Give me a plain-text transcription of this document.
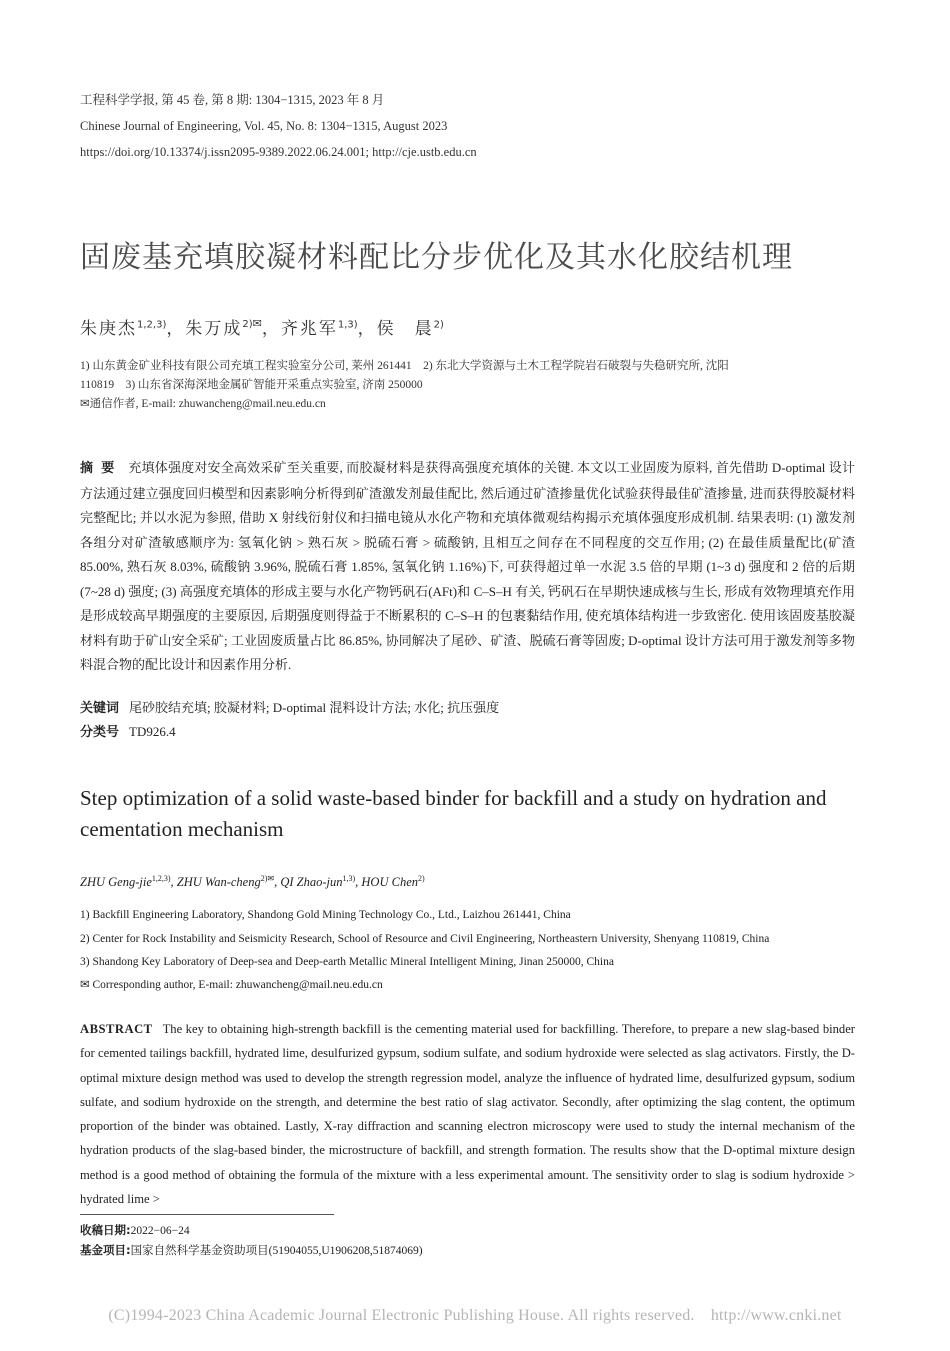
工程科学学报, 第 45 卷, 第 8 期: 1304−1315, 2023 年 8 月
Chinese Journal of Engineering, Vol. 45, No. 8: 1304−1315, August 2023
https://doi.org/10.13374/j.issn2095-9389.2022.06.24.001; http://cje.ustb.edu.cn
固废基充填胶凝材料配比分步优化及其水化胶结机理
朱庚杰$^{1,2,3)}$，朱万成$^{2)✉}$，齐兆军$^{1,3)}$，侯　晨$^{2)}$
1) 山东黄金矿业科技有限公司充填工程实验室分公司, 莱州 261441　2) 东北大学资源与土木工程学院岩石破裂与失稳研究所, 沈阳
110819　3) 山东省深海深地金属矿智能开采重点实验室, 济南 250000
✉通信作者, E-mail: zhuwancheng@mail.neu.edu.cn
摘要 充填体强度对安全高效采矿至关重要, 而胶凝材料是获得高强度充填体的关键. 本文以工业固废为原料, 首先借助 D-optimal 设计方法通过建立强度回归模型和因素影响分析得到矿渣激发剂最佳配比, 然后通过矿渣掺量优化试验获得最佳矿渣掺量, 进而获得胶凝材料完整配比; 并以水泥为参照, 借助 X 射线衍射仪和扫描电镜从水化产物和充填体微观结构揭示充填体强度形成机制. 结果表明: (1) 激发剂各组分对矿渣敏感顺序为: 氢氧化钠 > 熟石灰 > 脱硫石膏 > 硫酸钠, 且相互之间存在不同程度的交互作用; (2) 在最佳质量配比(矿渣 85.00%, 熟石灰 8.03%, 硫酸钠 3.96%, 脱硫石膏 1.85%, 氢氧化钠 1.16%)下, 可获得超过单一水泥 3.5 倍的早期 (1~3 d) 强度和 2 倍的后期 (7~28 d) 强度; (3) 高强度充填体的形成主要与水化产物钙矾石(AFt)和 C–S–H 有关, 钙矾石在早期快速成核与生长, 形成有效物理填充作用是形成较高早期强度的主要原因, 后期强度则得益于不断累积的 C–S–H 的包裹黏结作用, 使充填体结构进一步致密化. 使用该固废基胶凝材料有助于矿山安全采矿; 工业固废质量占比 86.85%, 协同解决了尾砂、矿渣、脱硫石膏等固废; D-optimal 设计方法可用于激发剂等多物料混合物的配比设计和因素作用分析.
关键词 尾砂胶结充填; 胶凝材料; D-optimal 混料设计方法; 水化; 抗压强度
分类号 TD926.4
Step optimization of a solid waste-based binder for backfill and a study on hydration and cementation mechanism
ZHU Geng-jie$^{1,2,3)}$, ZHU Wan-cheng$^{2)✉}$, QI Zhao-jun$^{1,3)}$, HOU Chen$^{2)}$
1) Backfill Engineering Laboratory, Shandong Gold Mining Technology Co., Ltd., Laizhou 261441, China
2) Center for Rock Instability and Seismicity Research, School of Resource and Civil Engineering, Northeastern University, Shenyang 110819, China
3) Shandong Key Laboratory of Deep-sea and Deep-earth Metallic Mineral Intelligent Mining, Jinan 250000, China
✉ Corresponding author, E-mail: zhuwancheng@mail.neu.edu.cn
ABSTRACT The key to obtaining high-strength backfill is the cementing material used for backfilling. Therefore, to prepare a new slag-based binder for cemented tailings backfill, hydrated lime, desulfurized gypsum, sodium sulfate, and sodium hydroxide were selected as slag activators. Firstly, the D-optimal mixture design method was used to develop the strength regression model, analyze the influence of hydrated lime, desulfurized gypsum, sodium sulfate, and sodium hydroxide on the strength, and determine the best ratio of slag activator. Secondly, after optimizing the slag content, the optimum proportion of the binder was obtained. Lastly, X-ray diffraction and scanning electron microscopy were used to study the internal mechanism of the hydration products of the slag-based binder, the microstructure of backfill, and strength formation. The results show that the D-optimal mixture design method is a good method of obtaining the formula of the mixture with a less experimental amount. The sensitivity order to slag is sodium hydroxide > hydrated lime >
收稿日期:2022−06−24
基金项目:国家自然科学基金资助项目(51904055,U1906208,51874069)
(C)1994-2023 China Academic Journal Electronic Publishing House. All rights reserved.　http://www.cnki.net
